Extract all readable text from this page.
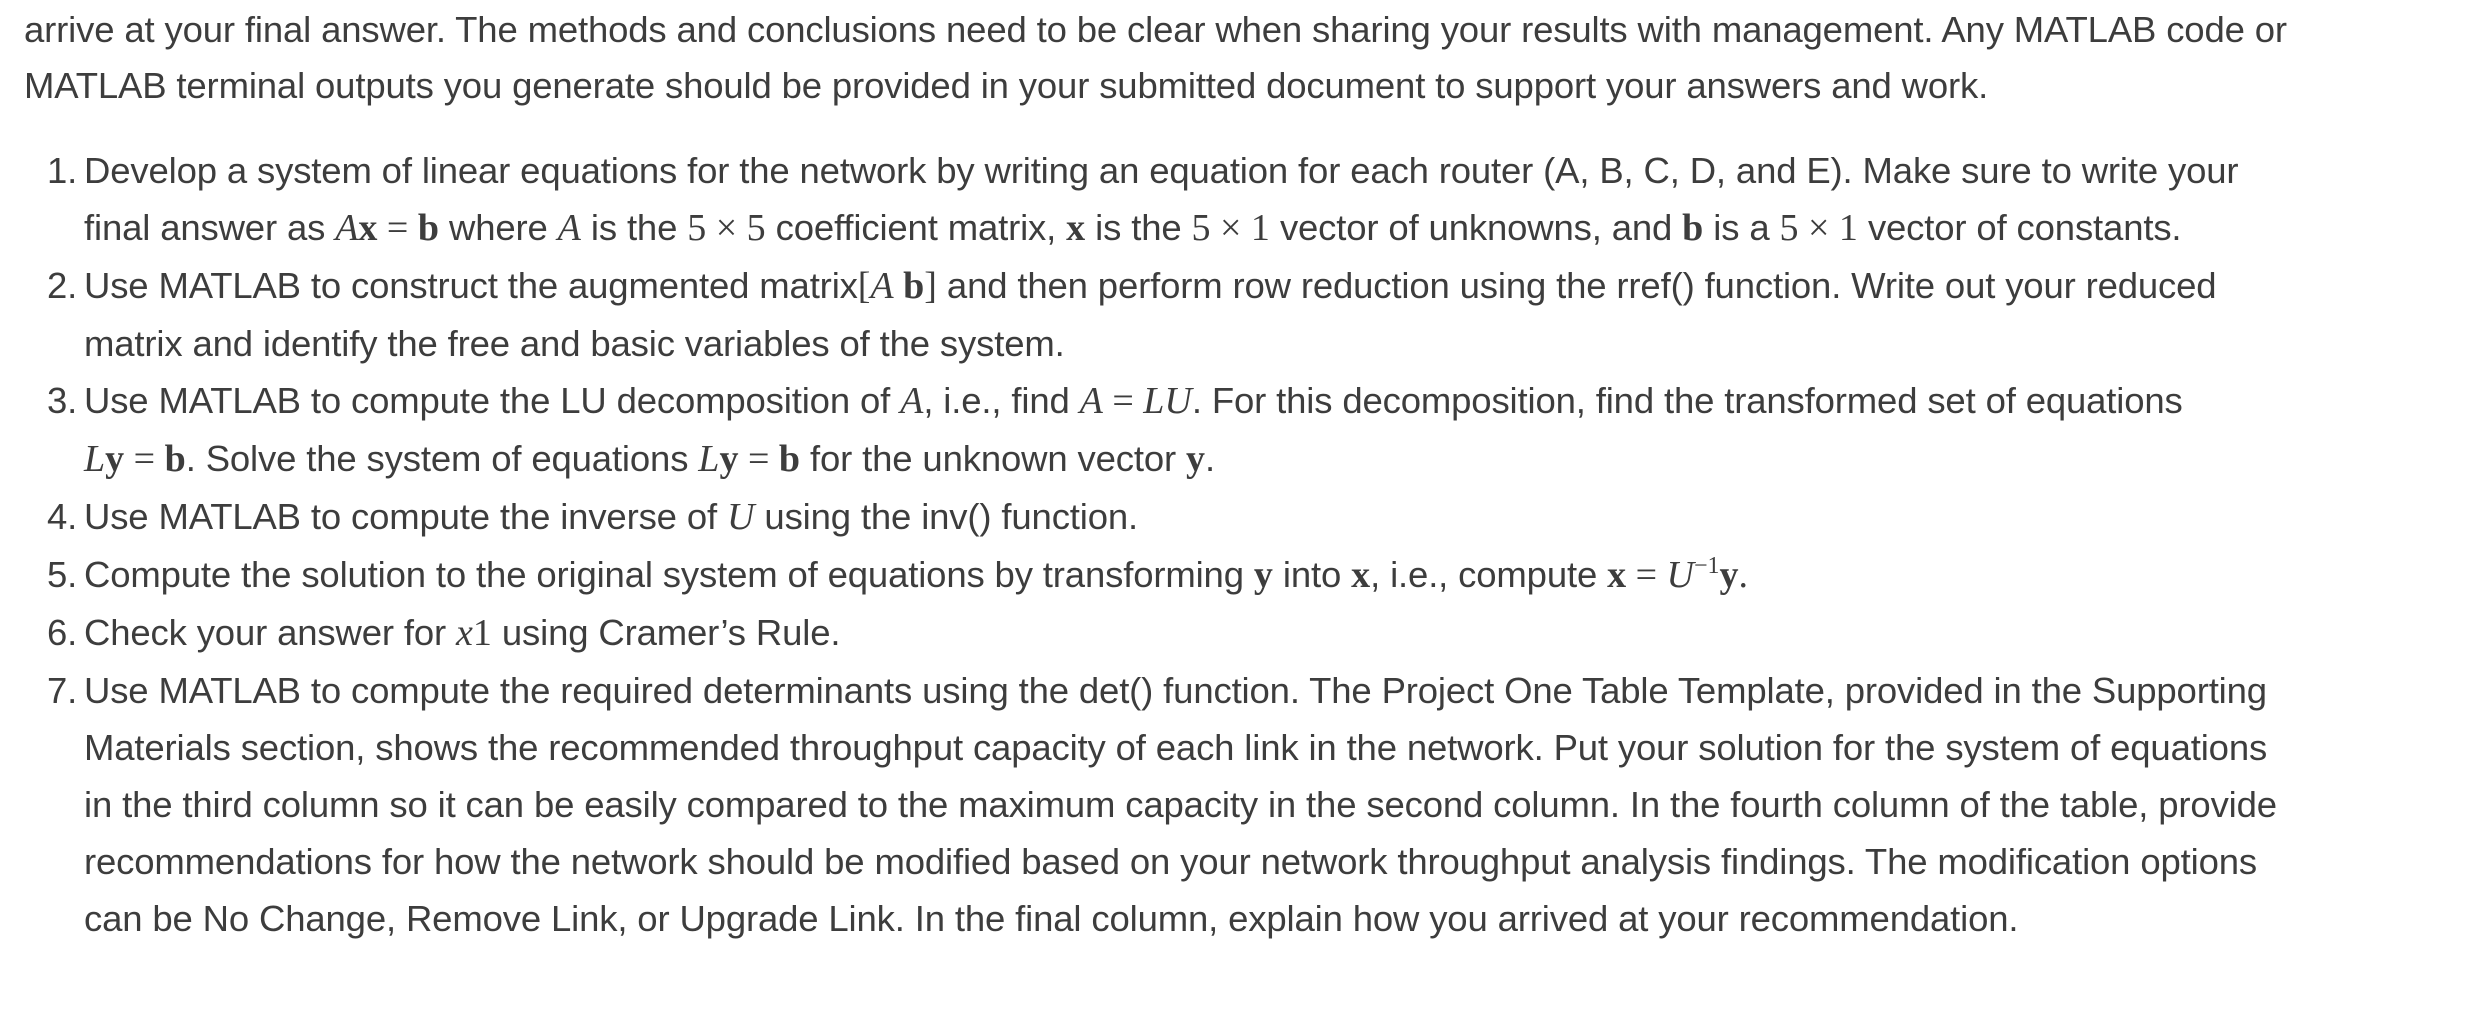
arrive at your final answer. The methods and conclusions need to be clear when sharing your results with management. Any MATLAB code or
MATLAB terminal outputs you generate should be provided in your submitted document to support your answers and work.
1. Develop a system of linear equations for the network by writing an equation for each router (A, B, C, D, and E). Make sure to write your
final answer as Ax = b where A is the 5 × 5 coefficient matrix, x is the 5 × 1 vector of unknowns, and b is a 5 × 1 vector of constants.
2. Use MATLAB to construct the augmented matrix[A b] and then perform row reduction using the rref() function. Write out your reduced
matrix and identify the free and basic variables of the system.
3. Use MATLAB to compute the LU decomposition of A, i.e., find A = LU. For this decomposition, find the transformed set of equations
Ly = b. Solve the system of equations Ly = b for the unknown vector y.
4. Use MATLAB to compute the inverse of U using the inv() function.
5. Compute the solution to the original system of equations by transforming y into x, i.e., compute $x = U^{-1}y$.
6. Check your answer for x1 using Cramer’s Rule.
7. Use MATLAB to compute the required determinants using the det() function. The Project One Table Template, provided in the Supporting
Materials section, shows the recommended throughput capacity of each link in the network. Put your solution for the system of equations
in the third column so it can be easily compared to the maximum capacity in the second column. In the fourth column of the table, provide
recommendations for how the network should be modified based on your network throughput analysis findings. The modification options
can be No Change, Remove Link, or Upgrade Link. In the final column, explain how you arrived at your recommendation.
